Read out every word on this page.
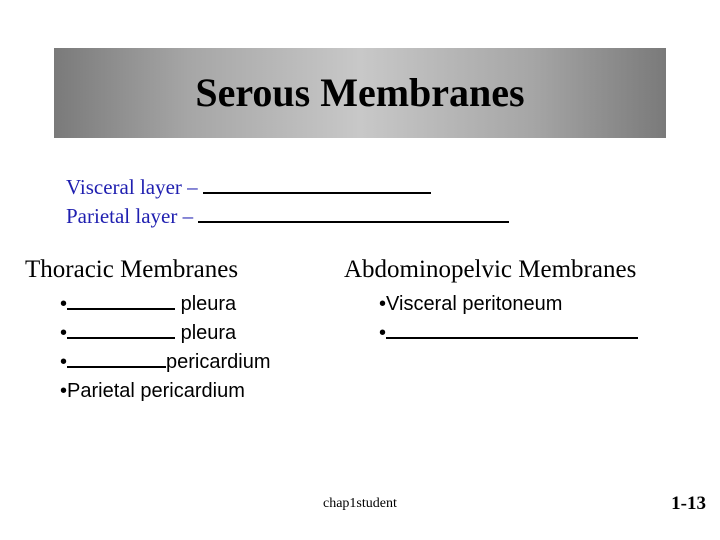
Serous Membranes
Visceral layer –
Parietal layer –
Thoracic Membranes	Abdominopelvic Membranes
•	pleura
•	pleura
•	pericardium
•Parietal pericardium
•Visceral peritoneum
•
chap1student	1-13
